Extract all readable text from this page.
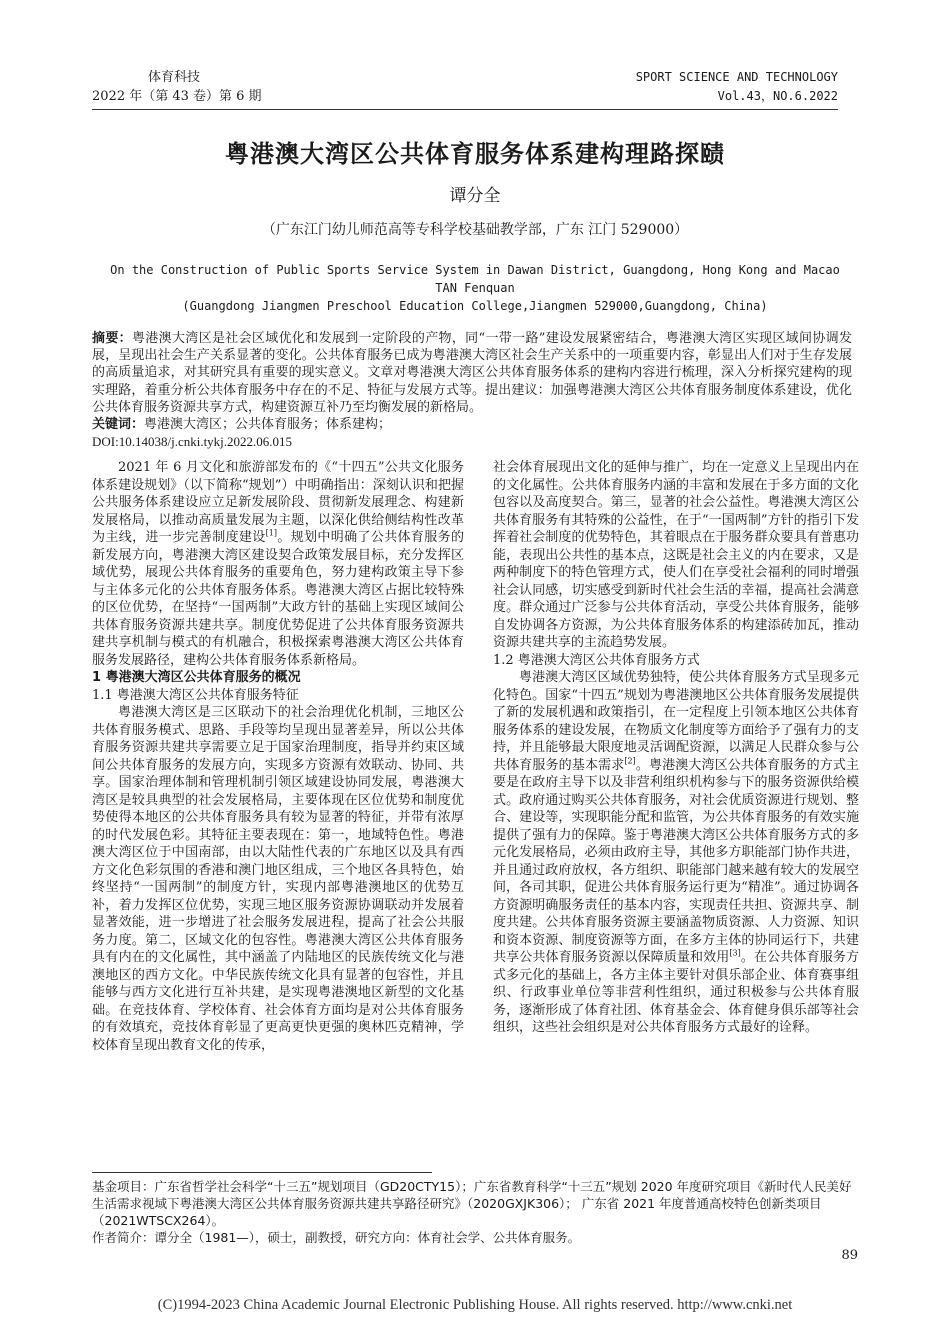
体育科技
2022 年（第 43 卷）第 6 期
SPORT SCIENCE AND TECHNOLOGY
Vol.43，NO.6.2022
粤港澳大湾区公共体育服务体系建构理路探赜
谭分全
（广东江门幼儿师范高等专科学校基础教学部，广东 江门 529000）
On the Construction of Public Sports Service System in Dawan District, Guangdong, Hong Kong and Macao
TAN Fenquan
(Guangdong Jiangmen Preschool Education College,Jiangmen 529000,Guangdong, China)
摘要：粤港澳大湾区是社会区域优化和发展到一定阶段的产物，同“一带一路”建设发展紧密结合，粤港澳大湾区实现区域间协调发展，呈现出社会生产关系显著的变化。公共体育服务已成为粤港澳大湾区社会生产关系中的一项重要内容，彰显出人们对于生存发展的高质量追求，对其研究具有重要的现实意义。文章对粤港澳大湾区公共体育服务体系的建构内容进行梳理，深入分析探究建构的现实理路，着重分析公共体育服务中存在的不足、特征与发展方式等。提出建议：加强粤港澳大湾区公共体育服务制度体系建设，优化公共体育服务资源共享方式，构建资源互补乃至均衡发展的新格局。
关键词：粤港澳大湾区；公共体育服务；体系建构；
DOI:10.14038/j.cnki.tykj.2022.06.015

2021 年 6 月文化和旅游部发布的《“十四五”公共文化服务体系建设规划》（以下简称“规划”）中明确指出：深刻认识和把握公共服务体系建设应立足新发展阶段、贯彻新发展理念、构建新发展格局，以推动高质量发展为主题，以深化供给侧结构性改革为主线，进一步完善制度建设[1]。规划中明确了公共体育服务的新发展方向，粤港澳大湾区建设契合政策发展目标，充分发挥区域优势，展现公共体育服务的重要角色，努力建构政策主导下参与主体多元化的公共体育服务体系。粤港澳大湾区占据比较特殊的区位优势，在坚持“一国两制”大政方针的基础上实现区域间公共体育服务资源共建共享。制度优势促进了公共体育服务资源共建共享机制与模式的有机融合，积极探索粤港澳大湾区公共体育服务发展路径，建构公共体育服务体系新格局。

1 粤港澳大湾区公共体育服务的概况
1.1 粤港澳大湾区公共体育服务特征

粤港澳大湾区是三区联动下的社会治理优化机制，三地区公共体育服务模式、思路、手段等均呈现出显著差异，所以公共体育服务资源共建共享需要立足于国家治理制度，指导并约束区域间公共体育服务的发展方向，实现多方资源有效联动、协同、共享。国家治理体制和管理机制引领区域建设协同发展，粤港澳大湾区是较具典型的社会发展格局，主要体现在区位优势和制度优势使得本地区的公共体育服务具有较为显著的特征，并带有浓厚的时代发展色彩。其特征主要表现在：第一，地域特色性。粤港澳大湾区位于中国南部，由以大陆性代表的广东地区以及具有西方文化色彩氛围的香港和澳门地区组成，三个地区各具特色，始终坚持“一国两制”的制度方针，实现内部粤港澳地区的优势互补，着力发挥区位优势，实现三地区服务资源协调联动并发展着显著效能，进一步增进了社会服务发展进程，提高了社会公共服务力度。第二，区域文化的包容性。粤港澳大湾区公共体育服务具有内在的文化属性，其中涵盖了内陆地区的民族传统文化与港澳地区的西方文化。中华民族传统文化具有显著的包容性，并且能够与西方文化进行互补共建，是实现粤港澳地区新型的文化基础。在竞技体育、学校体育、社会体育方面均是对公共体育服务的有效填充，竞技体育彰显了更高更快更强的奥林匹克精神，学校体育呈现出教育文化的传承，

社会体育展现出文化的延伸与推广，均在一定意义上呈现出内在的文化属性。公共体育服务内涵的丰富和发展在于多方面的文化包容以及高度契合。第三，显著的社会公益性。粤港澳大湾区公共体育服务有其特殊的公益性，在于“一国两制”方针的指引下发挥着社会制度的优势特色，其着眼点在于服务群众要具有普惠功能，表现出公共性的基本点，这既是社会主义的内在要求，又是两种制度下的特色管理方式，使人们在享受社会福利的同时增强社会认同感，切实感受到新时代社会生活的幸福，提高社会满意度。群众通过广泛参与公共体育活动，享受公共体育服务，能够自发协调各方资源，为公共体育服务体系的构建添砖加瓦，推动资源共建共享的主流趋势发展。

1.2 粤港澳大湾区公共体育服务方式

粤港澳大湾区区域优势独特，使公共体育服务方式呈现多元化特色。国家“十四五”规划为粤港澳地区公共体育服务发展提供了新的发展机遇和政策指引，在一定程度上引领本地区公共体育服务体系的建设发展，在物质文化制度等方面给予了强有力的支持，并且能够最大限度地灵活调配资源，以满足人民群众参与公共体育服务的基本需求[2]。粤港澳大湾区公共体育服务的方式主要是在政府主导下以及非营利组织机构参与下的服务资源供给模式。政府通过购买公共体育服务，对社会优质资源进行规划、整合、建设等，实现职能分配和监管，为公共体育服务的有效实施提供了强有力的保障。鉴于粤港澳大湾区公共体育服务方式的多元化发展格局，必须由政府主导，其他多方职能部门协作共进，并且通过政府放权，各方组织、职能部门越来越有较大的发展空间，各司其职，促进公共体育服务运行更为“精准”。通过协调各方资源明确服务责任的基本内容，实现责任共担、资源共享、制度共建。公共体育服务资源主要涵盖物质资源、人力资源、知识和资本资源、制度资源等方面，在多方主体的协同运行下，共建共享公共体育服务资源以保障质量和效用[3]。在公共体育服务方式多元化的基础上，各方主体主要针对俱乐部企业、体育赛事组织、行政事业单位等非营利性组织，通过积极参与公共体育服务，逐渐形成了体育社团、体育基金会、体育健身俱乐部等社会组织，这些社会组织是对公共体育服务方式最好的诠释。

基金项目：广东省哲学社会科学“十三五”规划项目（GD20CTY15）；广东省教育科学“十三五”规划 2020 年度研究项目《新时代人民美好生活需求视域下粤港澳大湾区公共体育服务资源共建共享路径研究》（2020GXJK306）； 广东省 2021 年度普通高校特色创新类项目（2021WTSCX264）。

作者简介：谭分全（1981—），硕士，副教授，研究方向：体育社会学、公共体育服务。

89
(C)1994-2023 China Academic Journal Electronic Publishing House. All rights reserved. http://www.cnki.net
